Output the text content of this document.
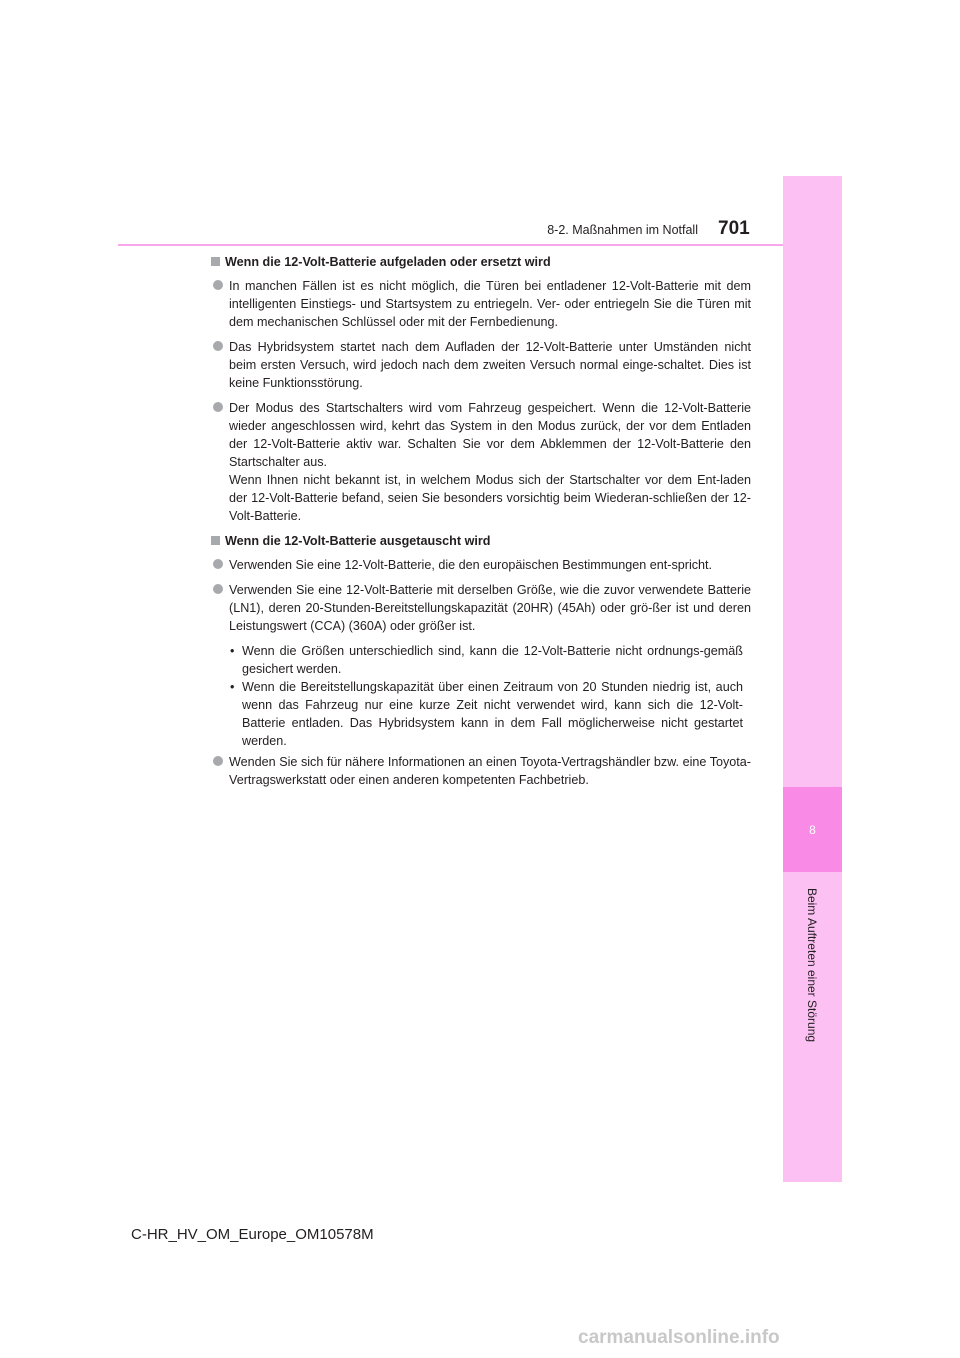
8
Beim Auftreten einer Störung
8-2. Maßnahmen im Notfall 701
Wenn die 12-Volt-Batterie aufgeladen oder ersetzt wird
In manchen Fällen ist es nicht möglich, die Türen bei entladener 12-Volt-Batterie mit dem intelligenten Einstiegs- und Startsystem zu entriegeln. Ver- oder entriegeln Sie die Türen mit dem mechanischen Schlüssel oder mit der Fernbedienung.
Das Hybridsystem startet nach dem Aufladen der 12-Volt-Batterie unter Umständen nicht beim ersten Versuch, wird jedoch nach dem zweiten Versuch normal einge-schaltet. Dies ist keine Funktionsstörung.
Der Modus des Startschalters wird vom Fahrzeug gespeichert. Wenn die 12-Volt-Batterie wieder angeschlossen wird, kehrt das System in den Modus zurück, der vor dem Entladen der 12-Volt-Batterie aktiv war. Schalten Sie vor dem Abklemmen der 12-Volt-Batterie den Startschalter aus.
Wenn Ihnen nicht bekannt ist, in welchem Modus sich der Startschalter vor dem Ent-laden der 12-Volt-Batterie befand, seien Sie besonders vorsichtig beim Wiederan-schließen der 12-Volt-Batterie.
Wenn die 12-Volt-Batterie ausgetauscht wird
Verwenden Sie eine 12-Volt-Batterie, die den europäischen Bestimmungen ent-spricht.
Verwenden Sie eine 12-Volt-Batterie mit derselben Größe, wie die zuvor verwendete Batterie (LN1), deren 20-Stunden-Bereitstellungskapazität (20HR) (45Ah) oder grö-ßer ist und deren Leistungswert (CCA) (360A) oder größer ist.
• Wenn die Größen unterschiedlich sind, kann die 12-Volt-Batterie nicht ordnungs-gemäß gesichert werden.
• Wenn die Bereitstellungskapazität über einen Zeitraum von 20 Stunden niedrig ist, auch wenn das Fahrzeug nur eine kurze Zeit nicht verwendet wird, kann sich die 12-Volt-Batterie entladen. Das Hybridsystem kann in dem Fall möglicherweise nicht gestartet werden.
Wenden Sie sich für nähere Informationen an einen Toyota-Vertragshändler bzw. eine Toyota-Vertragswerkstatt oder einen anderen kompetenten Fachbetrieb.
C-HR_HV_OM_Europe_OM10578M
carmanualsonline.info
